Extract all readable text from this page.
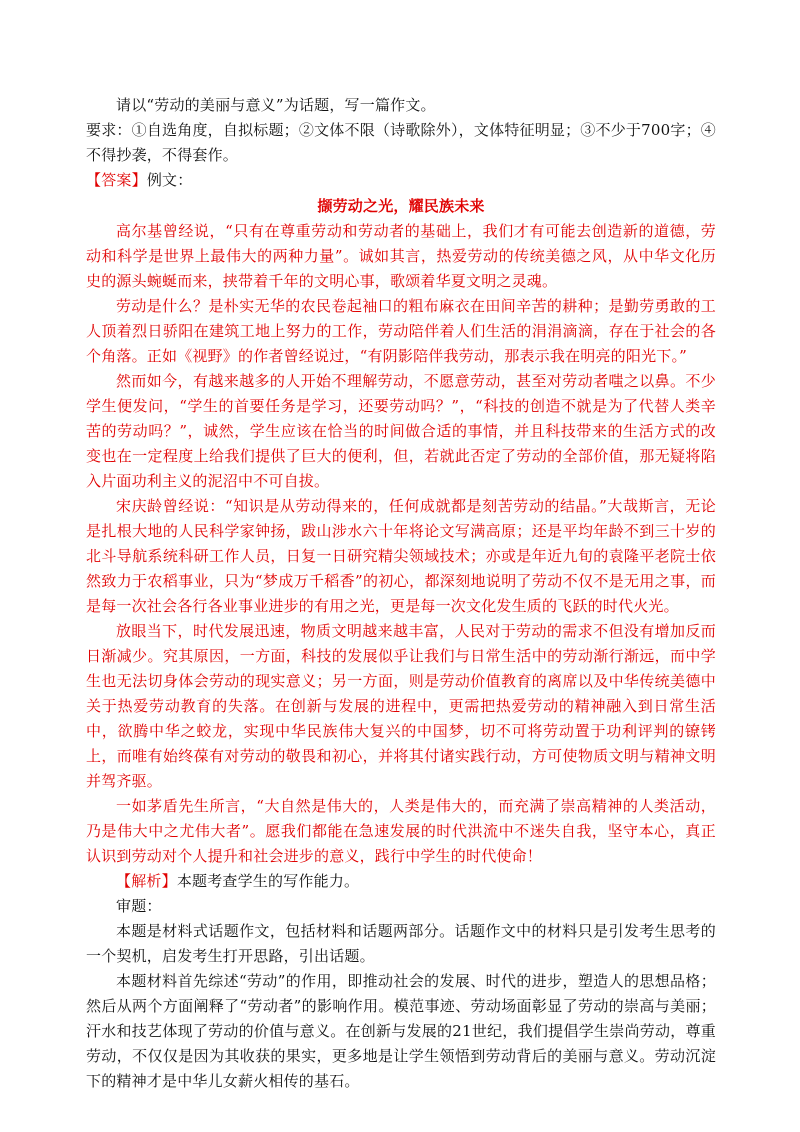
请以“劳动的美丽与意义”为话题，写一篇作文。

要求：①自选角度，自拟标题；②文体不限（诗歌除外），文体特征明显；③不少于700字；④不得抄袭，不得套作。

【答案】例文：

撷劳动之光，耀民族未来

高尔基曾经说，“只有在尊重劳动和劳动者的基础上，我们才有可能去创造新的道德，劳动和科学是世界上最伟大的两种力量”。诚如其言，热爱劳动的传统美德之风，从中华文化历史的源头蜿蜒而来，挟带着千年的文明心事，歌颂着华夏文明之灵魂。

劳动是什么？是朴实无华的农民卷起袖口的粗布麻衣在田间辛苦的耕种；是勤劳勇敢的工人顶着烈日骄阳在建筑工地上努力的工作，劳动陪伴着人们生活的涓涓滴滴，存在于社会的各个角落。正如《视野》的作者曾经说过，“有阴影陪伴我劳动，那表示我在明亮的阳光下。”

然而如今，有越来越多的人开始不理解劳动，不愿意劳动，甚至对劳动者嗤之以鼻。不少学生便发问，“学生的首要任务是学习，还要劳动吗？”，“科技的创造不就是为了代替人类辛苦的劳动吗？”，诚然，学生应该在恰当的时间做合适的事情，并且科技带来的生活方式的改变也在一定程度上给我们提供了巨大的便利，但，若就此否定了劳动的全部价值，那无疑将陷入片面功利主义的泥沼中不可自拔。

宋庆龄曾经说：“知识是从劳动得来的，任何成就都是刻苦劳动的结晶。”大哉斯言，无论是扎根大地的人民科学家钟扬，跋山涉水六十年将论文写满高原；还是平均年龄不到三十岁的北斗导航系统科研工作人员，日复一日研究精尖领域技术；亦或是年近九旬的袁隆平老院士依然致力于农稻事业，只为“梦成万千稻香”的初心，都深刻地说明了劳动不仅不是无用之事，而是每一次社会各行各业事业进步的有用之光，更是每一次文化发生质的飞跃的时代火光。

放眼当下，时代发展迅速，物质文明越来越丰富，人民对于劳动的需求不但没有增加反而日渐减少。究其原因，一方面，科技的发展似乎让我们与日常生活中的劳动渐行渐远，而中学生也无法切身体会劳动的现实意义；另一方面，则是劳动价值教育的离席以及中华传统美德中关于热爱劳动教育的失落。在创新与发展的进程中，更需把热爱劳动的精神融入到日常生活中，欲腾中华之蛟龙，实现中华民族伟大复兴的中国梦，切不可将劳动置于功利评判的镣铐上，而唯有始终葆有对劳动的敬畏和初心，并将其付诸实践行动，方可使物质文明与精神文明并驾齐驱。

一如茅盾先生所言，“大自然是伟大的，人类是伟大的，而充满了崇高精神的人类活动，乃是伟大中之尤伟大者”。愿我们都能在急速发展的时代洪流中不迷失自我，坚守本心，真正认识到劳动对个人提升和社会进步的意义，践行中学生的时代使命！

【解析】本题考查学生的写作能力。

审题：

本题是材料式话题作文，包括材料和话题两部分。话题作文中的材料只是引发考生思考的一个契机，启发考生打开思路，引出话题。

本题材料首先综述“劳动”的作用，即推动社会的发展、时代的进步，塑造人的思想品格；然后从两个方面阐释了“劳动者”的影响作用。模范事迹、劳动场面彰显了劳动的崇高与美丽；汗水和技艺体现了劳动的价值与意义。在创新与发展的21世纪，我们提倡学生崇尚劳动，尊重劳动，不仅仅是因为其收获的果实，更多地是让学生领悟到劳动背后的美丽与意义。劳动沉淀下的精神才是中华儿女薪火相传的基石。
